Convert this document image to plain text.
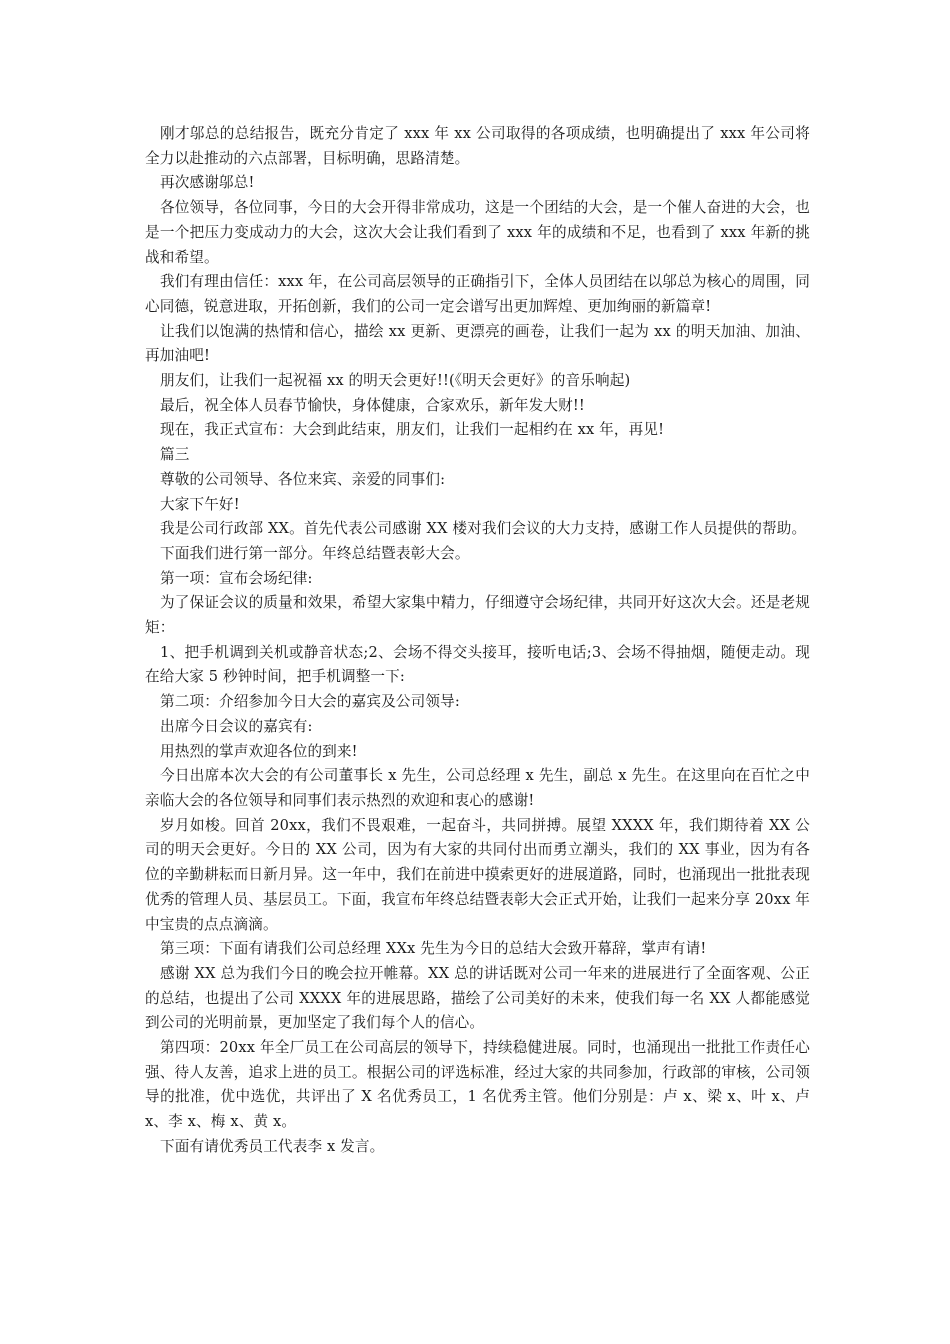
刚才邬总的总结报告，既充分肯定了 xxx 年 xx 公司取得的各项成绩，也明确提出了 xxx 年公司将全力以赴推动的六点部署，目标明确，思路清楚。

再次感谢邬总!

各位领导，各位同事，今日的大会开得非常成功，这是一个团结的大会，是一个催人奋进的大会，也是一个把压力变成动力的大会，这次大会让我们看到了 xxx 年的成绩和不足，也看到了 xxx 年新的挑战和希望。

我们有理由信任：xxx 年，在公司高层领导的正确指引下，全体人员团结在以邬总为核心的周围，同心同德，锐意进取，开拓创新，我们的公司一定会谱写出更加辉煌、更加绚丽的新篇章!

让我们以饱满的热情和信心，描绘 xx 更新、更漂亮的画卷，让我们一起为 xx 的明天加油、加油、再加油吧!

朋友们，让我们一起祝福 xx 的明天会更好!!(《明天会更好》的音乐响起)

最后，祝全体人员春节愉快，身体健康，合家欢乐，新年发大财!!

现在，我正式宣布：大会到此结束，朋友们，让我们一起相约在 xx 年，再见!

篇三

尊敬的公司领导、各位来宾、亲爱的同事们:

大家下午好!

我是公司行政部 XX。首先代表公司感谢 XX 楼对我们会议的大力支持，感谢工作人员提供的帮助。

下面我们进行第一部分。年终总结暨表彰大会。

第一项：宣布会场纪律:

为了保证会议的质量和效果，希望大家集中精力，仔细遵守会场纪律，共同开好这次大会。还是老规矩：

1、把手机调到关机或静音状态;2、会场不得交头接耳，接听电话;3、会场不得抽烟，随便走动。现在给大家 5 秒钟时间，把手机调整一下:

第二项：介绍参加今日大会的嘉宾及公司领导:

出席今日会议的嘉宾有:

用热烈的掌声欢迎各位的到来!

今日出席本次大会的有公司董事长 x 先生，公司总经理 x 先生，副总 x 先生。在这里向在百忙之中亲临大会的各位领导和同事们表示热烈的欢迎和衷心的感谢!

岁月如梭。回首 20xx，我们不畏艰难，一起奋斗，共同拼搏。展望 XXXX 年，我们期待着 XX 公司的明天会更好。今日的 XX 公司，因为有大家的共同付出而勇立潮头，我们的 XX 事业，因为有各位的辛勤耕耘而日新月异。这一年中，我们在前进中摸索更好的进展道路，同时，也涌现出一批批表现优秀的管理人员、基层员工。下面，我宣布年终总结暨表彰大会正式开始，让我们一起来分享 20xx 年中宝贵的点点滴滴。

第三项：下面有请我们公司总经理 XXx 先生为今日的总结大会致开幕辞，掌声有请!

感谢 XX 总为我们今日的晚会拉开帷幕。XX 总的讲话既对公司一年来的进展进行了全面客观、公正的总结，也提出了公司 XXXX 年的进展思路，描绘了公司美好的未来，使我们每一名 XX 人都能感觉到公司的光明前景，更加坚定了我们每个人的信心。

第四项：20xx 年全厂员工在公司高层的领导下，持续稳健进展。同时，也涌现出一批批工作责任心强、待人友善，追求上进的员工。根据公司的评选标准，经过大家的共同参加，行政部的审核，公司领导的批准，优中选优，共评出了 X 名优秀员工，1 名优秀主管。他们分别是：卢 x、梁 x、叶 x、卢 x、李 x、梅 x、黄 x。

下面有请优秀员工代表李 x 发言。
